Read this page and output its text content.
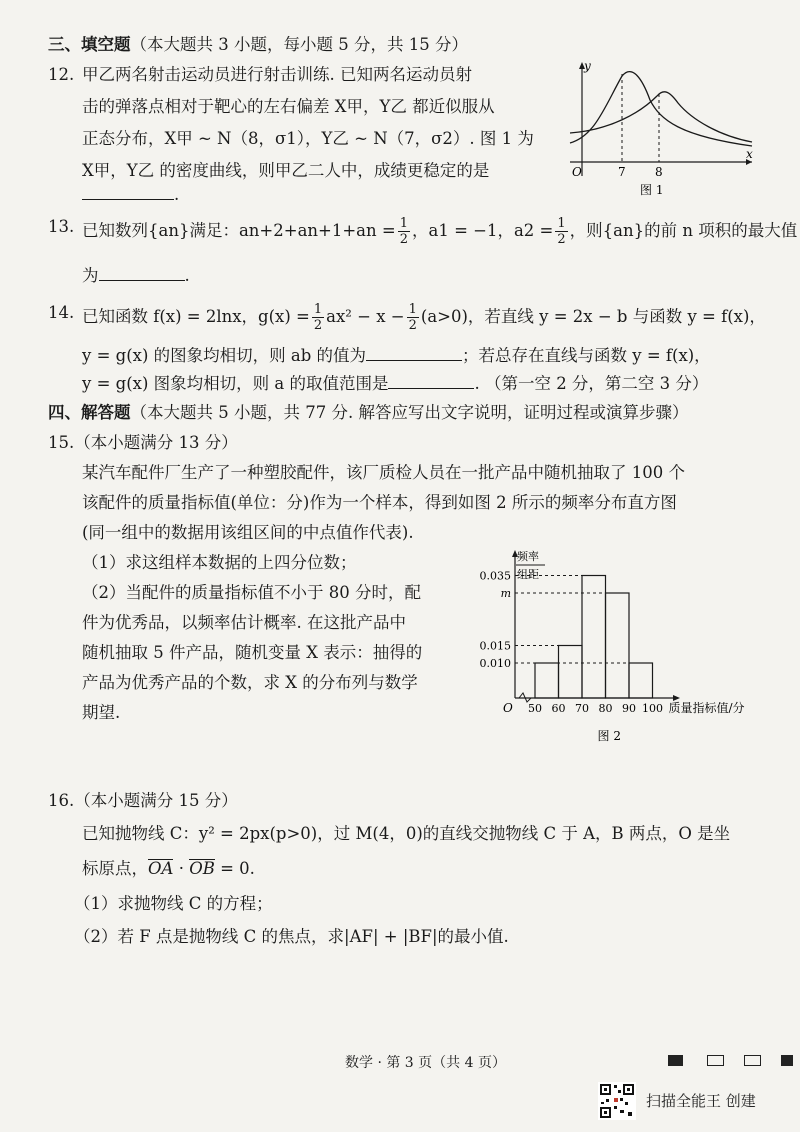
三、填空题（本大题共 3 小题，每小题 5 分，共 15 分）
12. 甲乙两名射击运动员进行射击训练. 已知两名运动员射
击的弹落点相对于靶心的左右偏差 X甲，Y乙 都近似服从
正态分布，X甲 ~ N（8，σ1），Y乙 ~ N（7，σ2）. 图 1 为
X甲，Y乙 的密度曲线，则甲乙二人中，成绩更稳定的是
.
y
x
O	7 8
图 1
13. 已知数列{an}满足：$an+2+an+1+an = \frac{1}{2}$ ，a1 = −1，$a2 = \frac{1}{2}$ ，则{an}的前 n 项积的最大值
为	.
14. 已知函数 f(x) = 2lnx，$g(x) = \frac{1}{2} ax^2 - x - \frac{1}{2} (a>0)$，若直线 y = 2x − b 与函数 y = f(x)，
y = g(x) 的图象均相切，则 ab 的值为	；若总存在直线与函数 y = f(x)，
y = g(x) 图象均相切，则 a 的取值范围是	. （第一空 2 分，第二空 3 分）
四、解答题（本大题共 5 小题，共 77 分. 解答应写出文字说明，证明过程或演算步骤）
15.（本小题满分 13 分）
某汽车配件厂生产了一种塑胶配件，该厂质检人员在一批产品中随机抽取了 100 个
该配件的质量指标值(单位：分)作为一个样本，得到如图 2 所示的频率分布直方图
(同一组中的数据用该组区间的中点值作代表).
（1）求这组样本数据的上四分位数；
（2）当配件的质量指标值不小于 80 分时，配
件为优秀品，以频率估计概率. 在这批产品中
随机抽取 5 件产品，随机变量 X 表示：抽得的
产品为优秀产品的个数，求 X 的分布列与数学
期望.
0.035
m
0.015
0.010
50 60 70 80 90 100
O
频率
组距
质量指标值/分
图 2
16.（本小题满分 15 分）
已知抛物线 C：y² = 2px(p>0)，过 M(4，0)的直线交抛物线 C 于 A，B 两点，O 是坐
标原点，OA · OB = 0.
（1）求抛物线 C 的方程；
（2）若 F 点是抛物线 C 的焦点，求|AF| + |BF|的最小值.
数学 · 第 3 页（共 4 页）
扫描全能王 创建
